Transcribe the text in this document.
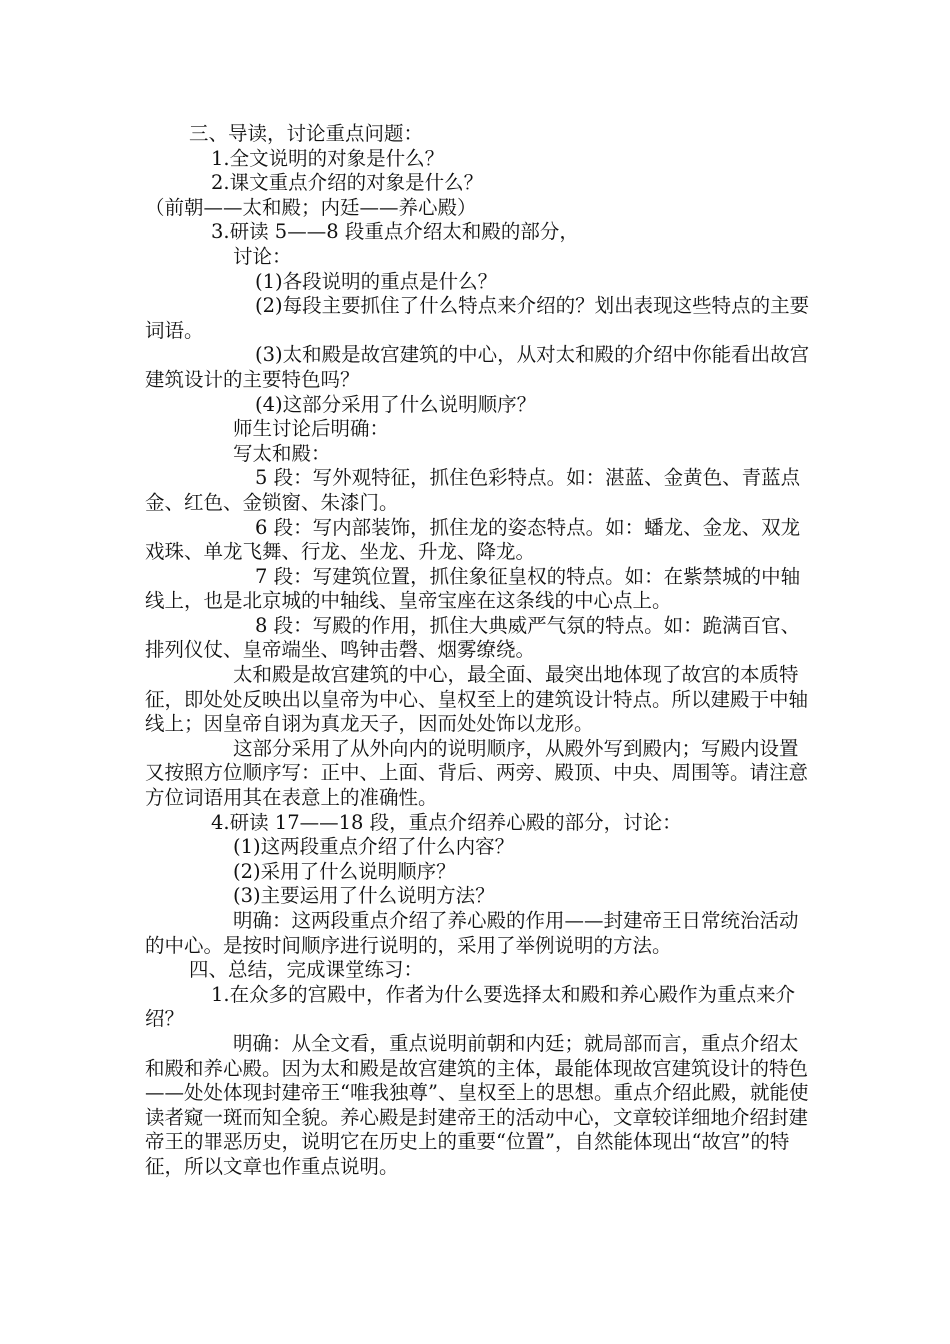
三、导读，讨论重点问题：

1.全文说明的对象是什么？

2.课文重点介绍的对象是什么？

（前朝——太和殿；内廷——养心殿）

3.研读 5——8 段重点介绍太和殿的部分，

讨论：

(1)各段说明的重点是什么？

(2)每段主要抓住了什么特点来介绍的？划出表现这些特点的主要词语。

(3)太和殿是故宫建筑的中心，从对太和殿的介绍中你能看出故宫建筑设计的主要特色吗？

(4)这部分采用了什么说明顺序？

师生讨论后明确：

写太和殿：

5 段：写外观特征，抓住色彩特点。如：湛蓝、金黄色、青蓝点金、红色、金锁窗、朱漆门。

6 段：写内部装饰，抓住龙的姿态特点。如：蟠龙、金龙、双龙戏珠、单龙飞舞、行龙、坐龙、升龙、降龙。

7 段：写建筑位置，抓住象征皇权的特点。如：在紫禁城的中轴线上，也是北京城的中轴线、皇帝宝座在这条线的中心点上。

8 段：写殿的作用，抓住大典威严气氛的特点。如：跪满百官、排列仪仗、皇帝端坐、鸣钟击磬、烟雾缭绕。

太和殿是故宫建筑的中心，最全面、最突出地体现了故宫的本质特征，即处处反映出以皇帝为中心、皇权至上的建筑设计特点。所以建殿于中轴线上；因皇帝自诩为真龙天子，因而处处饰以龙形。

这部分采用了从外向内的说明顺序，从殿外写到殿内；写殿内设置又按照方位顺序写：正中、上面、背后、两旁、殿顶、中央、周围等。请注意方位词语用其在表意上的准确性。

4.研读 17——18 段，重点介绍养心殿的部分，讨论：

(1)这两段重点介绍了什么内容？

(2)采用了什么说明顺序？

(3)主要运用了什么说明方法？

明确：这两段重点介绍了养心殿的作用——封建帝王日常统治活动的中心。是按时间顺序进行说明的，采用了举例说明的方法。

四、总结，完成课堂练习：

1.在众多的宫殿中，作者为什么要选择太和殿和养心殿作为重点来介绍？

明确：从全文看，重点说明前朝和内廷；就局部而言，重点介绍太和殿和养心殿。因为太和殿是故宫建筑的主体，最能体现故宫建筑设计的特色——处处体现封建帝王“唯我独尊”、皇权至上的思想。重点介绍此殿，就能使读者窥一斑而知全貌。养心殿是封建帝王的活动中心，文章较详细地介绍封建帝王的罪恶历史，说明它在历史上的重要“位置”，自然能体现出“故宫”的特征，所以文章也作重点说明。
